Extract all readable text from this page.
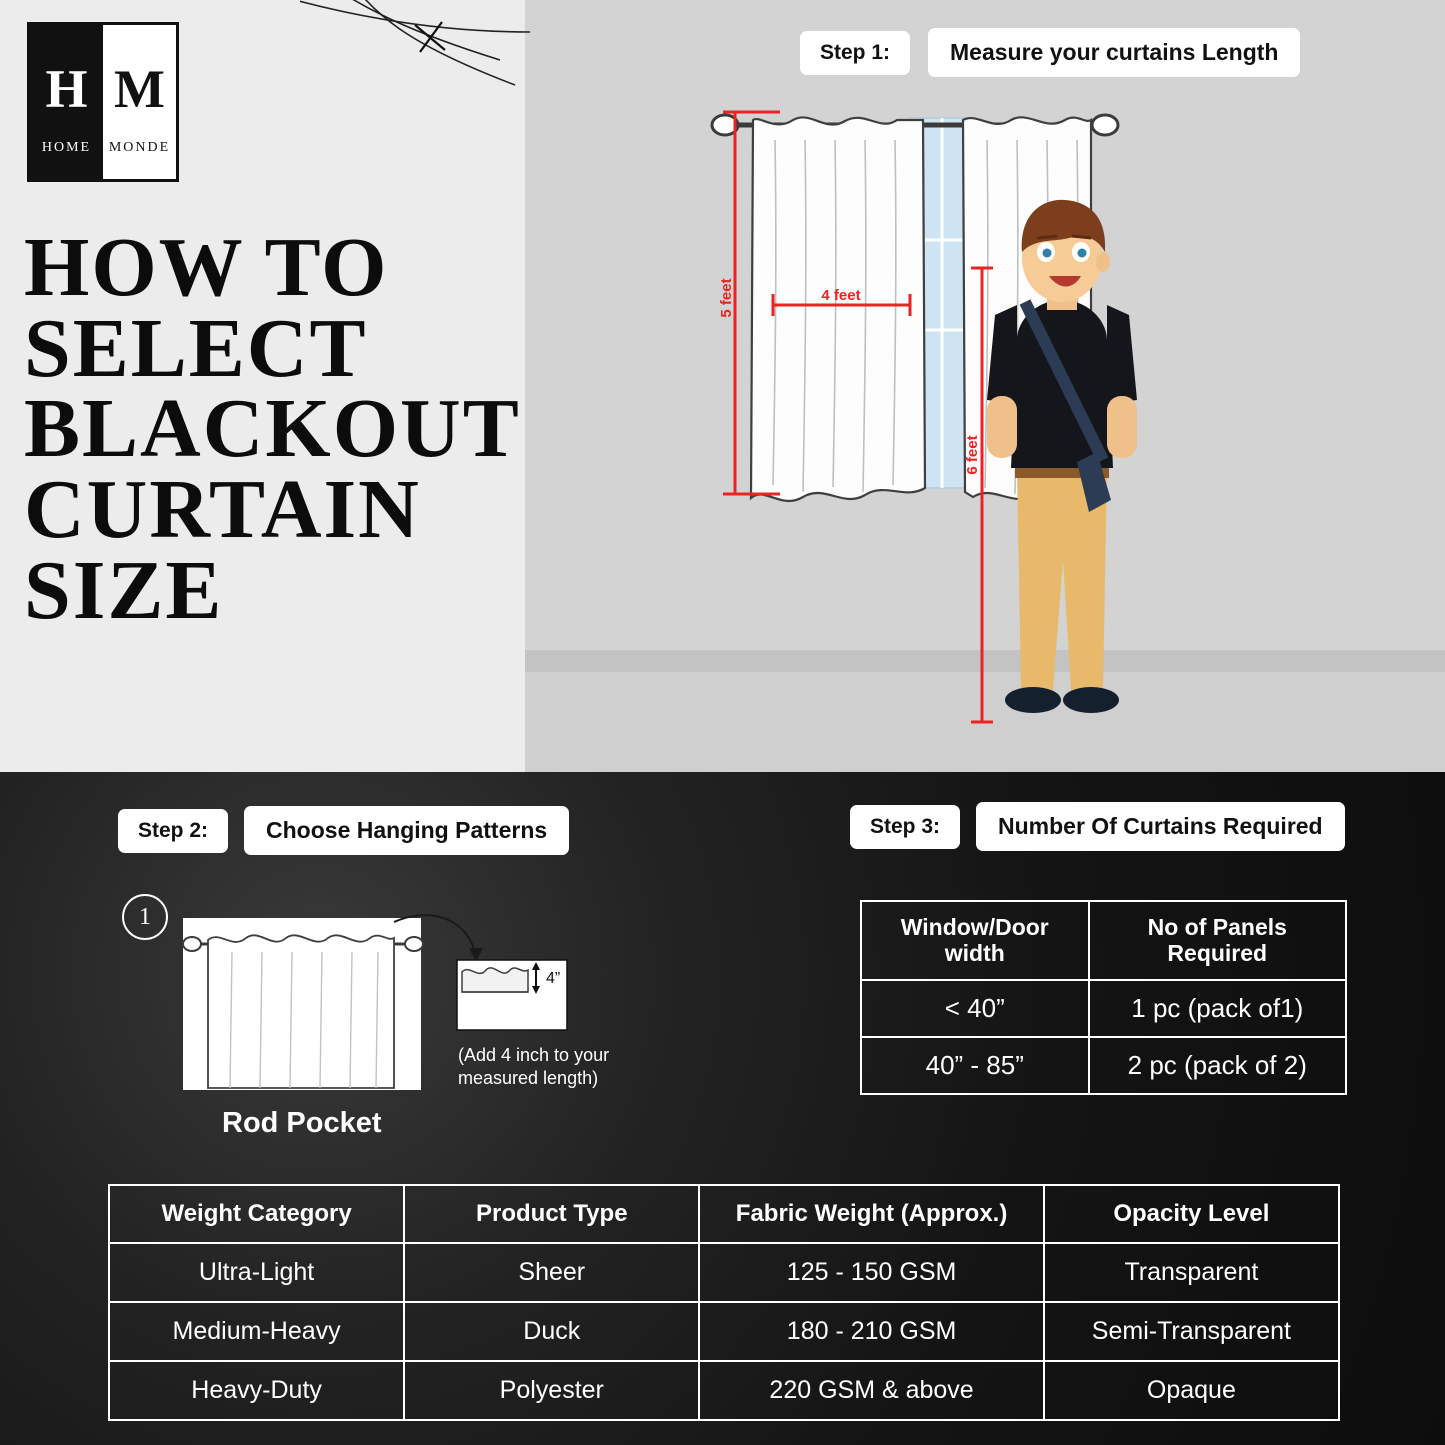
H
HOME
M
MONDE
HOW TO SELECT BLACKOUT CURTAIN SIZE
Step 1:	Measure your curtains Length
5 feet	4 feet
6 feet
Step 2:	Choose Hanging Patterns	Step 3:	Number Of Curtains Required
1
4”
(Add 4 inch to your measured length)
Rod Pocket
Window/Door width	No of Panels Required
< 40”	1 pc (pack of1)
40” - 85”	2 pc (pack of 2)
Weight Category	Product Type	Fabric Weight (Approx.)	Opacity Level
Ultra-Light	Sheer	125 - 150 GSM	Transparent
Medium-Heavy	Duck	180 - 210 GSM	Semi-Transparent
Heavy-Duty	Polyester	220 GSM & above	Opaque
